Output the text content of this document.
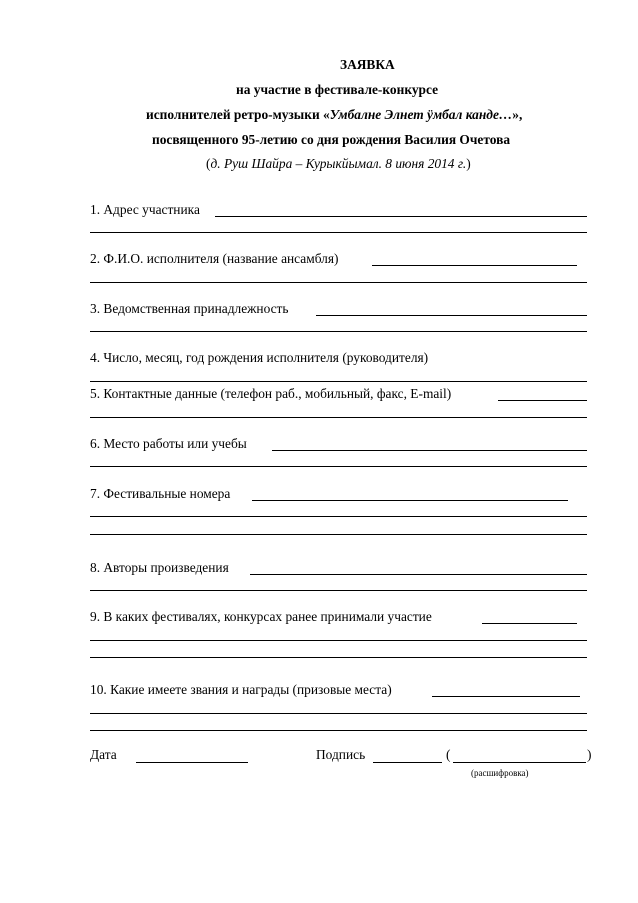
ЗАЯВКА
на участие в фестивале-конкурсе
исполнителей ретро-музыки «Умбалне Элнет ӱмбал канде…»,
посвященного 95-летию со дня рождения Василия Очетова
(д. Руш Шайра – Курыкйымал. 8 июня 2014 г.)
1. Адрес участника
2. Ф.И.О. исполнителя (название ансамбля)
3. Ведомственная принадлежность
4. Число, месяц, год рождения исполнителя (руководителя)
5. Контактные данные (телефон раб., мобильный, факс, E-mail)
6. Место работы или учебы
7. Фестивальные номера
8. Авторы произведения
9. В каких фестивалях, конкурсах ранее принимали участие
10. Какие имеете звания и награды (призовые места)
Дата	Подпись	(	)
(расшифровка)
